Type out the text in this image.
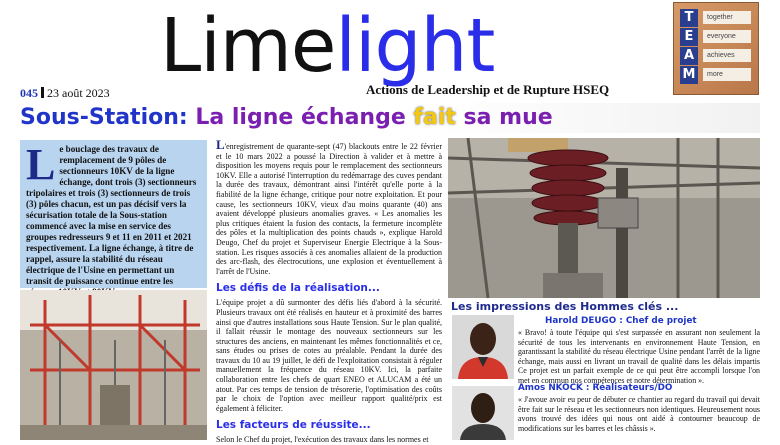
Limelight
Actions de Leadership et de Rupture HSEQ
045 23 août 2023
T
E
A
M
together
everyone
achieves
more
Sous-Station: La ligne échange fait sa mue
Le bouclage des travaux de remplacement de 9 pôles de sectionneurs 10KV de la ligne échange, dont trois (3) sectionneurs tripolaires et trois (3) sectionneurs de trois (3) pôles chacun, est un pas décisif vers la sécurisation totale de la Sous-station commencé avec la mise en service des groupes redresseurs 9 et 11 en 2011 et 2021 respectivement. La ligne échange, à titre de rappel, assure la stabilité du réseau électrique de l'Usine en permettant un transit de puissance continue entre les

L'enregistrement de quarante-sept (47) blackouts entre le 22 février et le 10 mars 2022 a poussé la Direction à valider et à mettre à disposition les moyens requis pour le remplacement des sectionneurs 10KV. Elle a autorisé l'interruption du redémarrage des cuves pendant la durée des travaux, démontrant ainsi l'intérêt qu'elle porte à la fiabilité de la ligne échange, critique pour notre exploitation. Et pour cause, les sectionneurs 10KV, vieux d'au moins quarante (40) ans avaient développé plusieurs anomalies graves. « Les anomalies les plus critiques étaient la fusion des contacts, la fermeture incomplète des pôles et la multiplication des points chauds », explique Harold Deugo, Chef du projet et Superviseur Energie Electrique à la Sous-station. Les risques associés à ces anomalies allaient de la production des arc-flash, des électrocutions, une explosion et éventuellement à l'arrêt de l'Usine.

Les défis de la réalisation...

L'équipe projet a dû surmonter des défis liés d'abord à la sécurité. Plusieurs travaux ont été réalisés en hauteur et à proximité des barres ainsi que d'autres installations sous Haute Tension. Sur le plan qualité, il fallait réussir le montage des nouveaux sectionneurs sur les structures des anciens, en maintenant les mêmes fonctionnalités et ce, sans études ou prises de cotes au préalable. Pendant la durée des travaux du 10 au 19 juillet, le défi de l'exploitation consistait à réguler manuellement la fréquence du réseau 10KV. Ici, la parfaite collaboration entre les chefs de quart ENEO et ALUCAM a été un atout. Par ces temps de tension de trésorerie, l'optimisation des coûts par le choix de l'option avec meilleur rapport qualité/prix est également à féliciter.

Les facteurs de réussite...

Selon le Chef du projet, l'exécution des travaux dans les normes et

Les impressions des Hommes clés ...
Harold DEUGO : Chef de projet
« Bravo! à toute l'équipe qui s'est surpassée en assurant non seulement la sécurité de tous les intervenants en environnement Haute Tension, en garantissant la stabilité du réseau électrique Usine pendant l'arrêt de la ligne échange, mais aussi en livrant un travail de qualité dans les délais impartis Ce projet est un parfait exemple de ce qui peut être accompli lorsque l'on met en commun nos compétences et notre détermination ».
Amos NKOCK : Réalisateurs/DO
« J'avoue avoir eu peur de débuter ce chantier au regard du travail qui devait être fait sur le réseau et les sectionneurs non identiques. Heureusement nous avons trouvé des idées qui nous ont aidé à contourner beaucoup de modifications sur les barres et les châssis ».
